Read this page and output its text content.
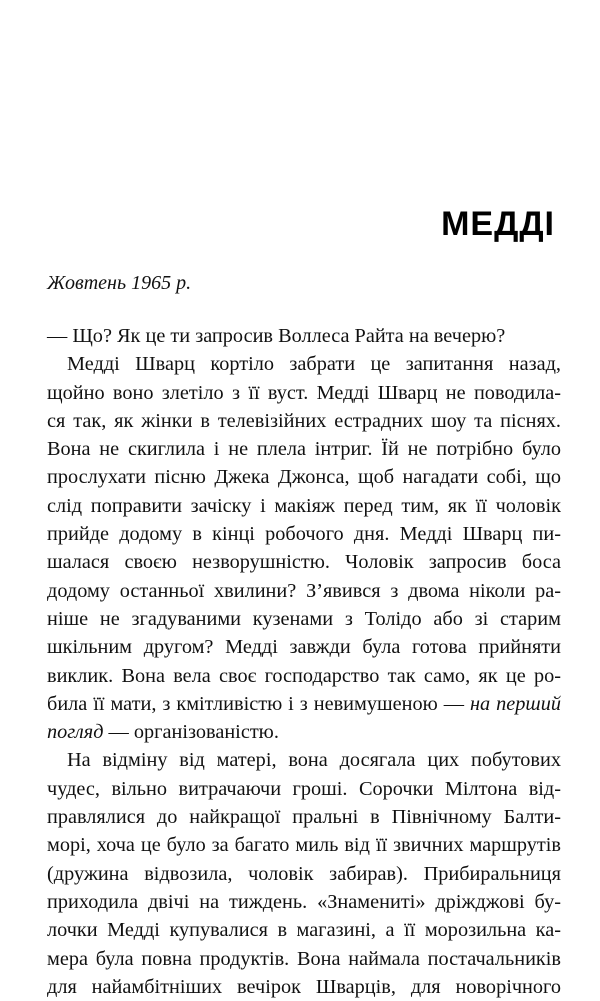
МЕДДІ
Жовтень 1965 р.
— Що? Як це ти запросив Воллеса Райта на вечерю?
Медді Шварц кортіло забрати це запитання назад,
щойно воно злетіло з її вуст. Медді Шварц не поводила-
ся так, як жінки в телевізійних естрадних шоу та піснях.
Вона не скиглила і не плела інтриг. Їй не потрібно було
прослухати пісню Джека Джонса, щоб нагадати собі, що
слід поправити зачіску і макіяж перед тим, як її чоловік
прийде додому в кінці робочого дня. Медді Шварц пи-
шалася своєю незворушністю. Чоловік запросив боса
додому останньої хвилини? З’явився з двома ніколи ра-
ніше не згадуваними кузенами з Толідо або зі старим
шкільним другом? Медді завжди була готова прийняти
виклик. Вона вела своє господарство так само, як це ро-
била її мати, з кмітливістю і з невимушеною — на перший
погляд — організованістю.
На відміну від матері, вона досягала цих побутових
чудес, вільно витрачаючи гроші. Сорочки Мілтона від-
правлялися до найкращої пральні в Північному Балти-
морі, хоча це було за багато миль від її звичних маршрутів
(дружина відвозила, чоловік забирав). Прибиральниця
приходила двічі на тиждень. «Знамениті» дріжджові бу-
лочки Медді купувалися в магазині, а її морозильна ка-
мера була повна продуктів. Вона наймала постачальників
для найамбітніших вечірок Шварців, для новорічного
